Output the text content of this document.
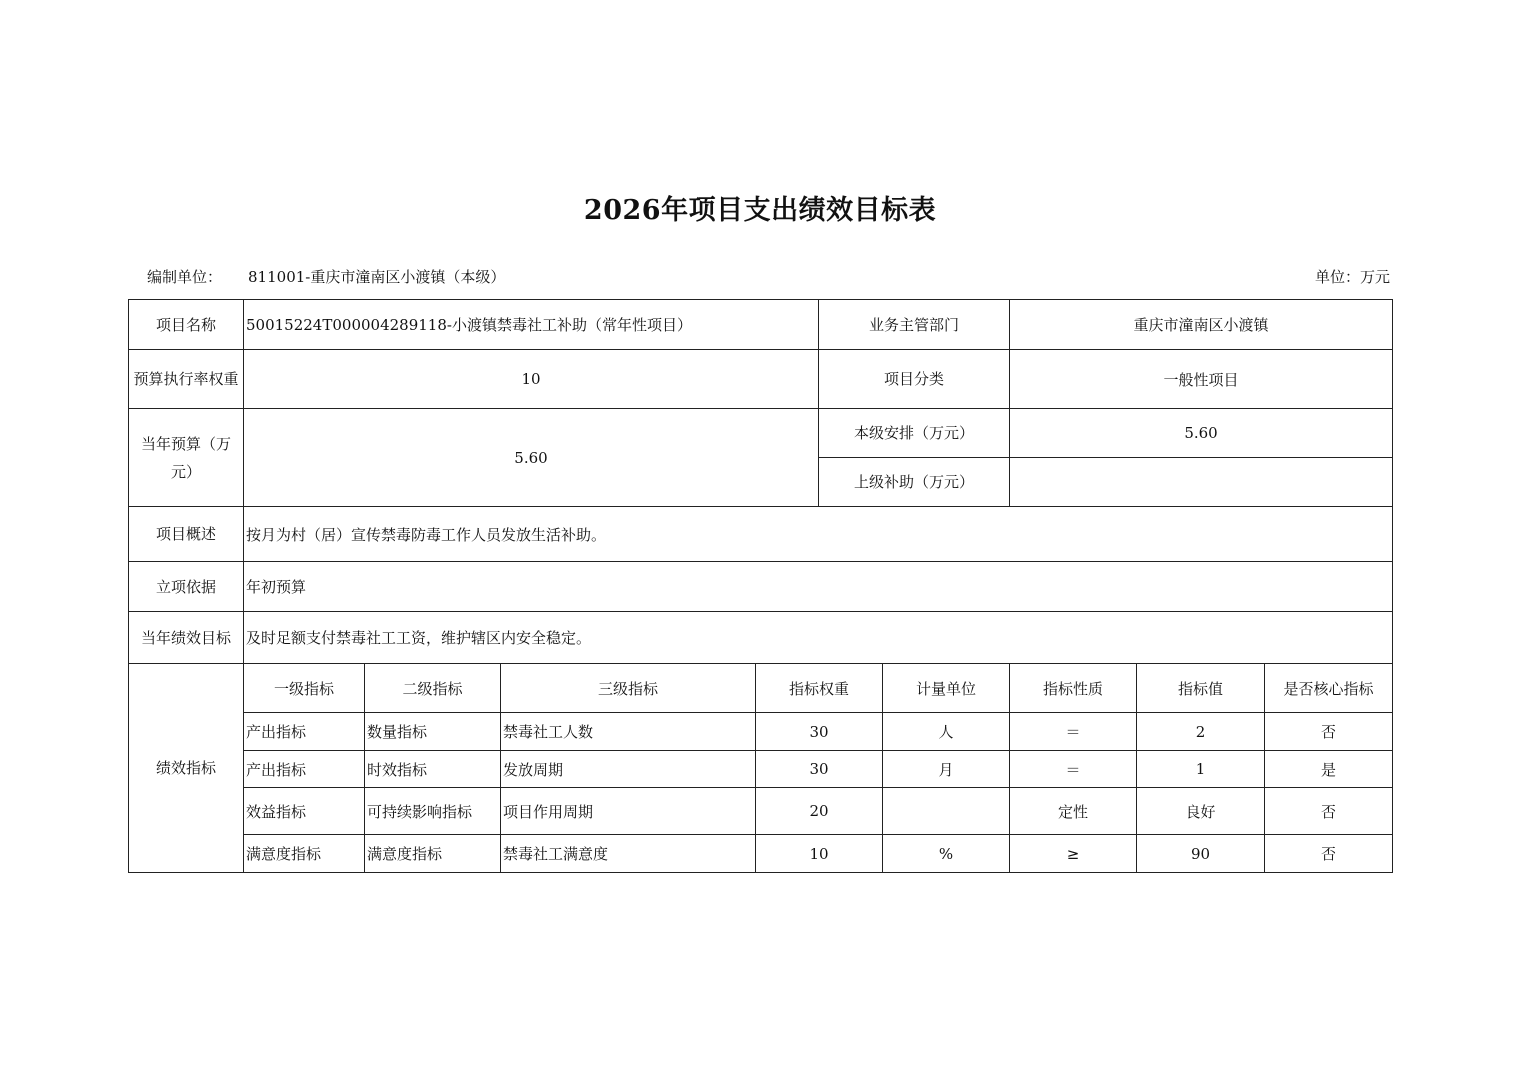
2026年项目支出绩效目标表
编制单位： 811001-重庆市潼南区小渡镇（本级）	单位：万元
项目名称	50015224T000004289118-小渡镇禁毒社工补助（常年性项目）				业务主管部门		重庆市潼南区小渡镇		
预算执行率权重	10				项目分类		一般性项目		
当年预算（万元）	5.60				本级安排（万元）		5.60		
					上级补助（万元）				
项目概述	按月为村（居）宣传禁毒防毒工作人员发放生活补助。								
立项依据	年初预算								
当年绩效目标	及时足额支付禁毒社工工资，维护辖区内安全稳定。								
绩效指标	一级指标	二级指标	三级指标	指标权重		计量单位	指标性质	指标值	是否核心指标
	产出指标	数量指标	禁毒社工人数	30		人	＝	2	否
	产出指标	时效指标	发放周期	30		月	＝	1	是
	效益指标	可持续影响指标	项目作用周期	20			定性	良好	否
	满意度指标	满意度指标	禁毒社工满意度	10		%	≥	90	否
